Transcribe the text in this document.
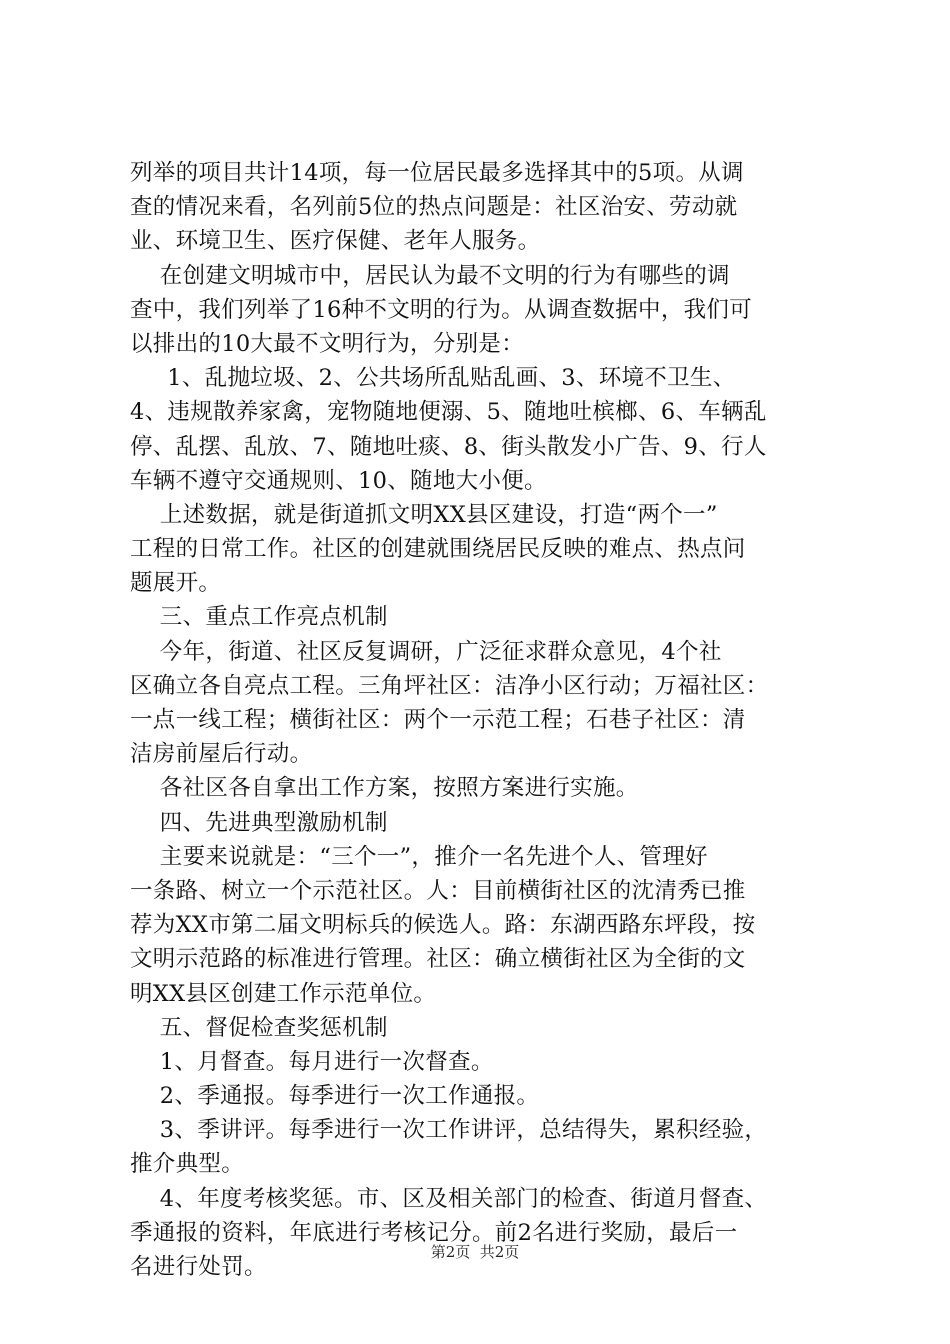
列举的项目共计14项，每一位居民最多选择其中的5项。从调
查的情况来看，名列前5位的热点问题是：社区治安、劳动就
业、环境卫生、医疗保健、老年人服务。
在创建文明城市中，居民认为最不文明的行为有哪些的调
查中，我们列举了16种不文明的行为。从调查数据中，我们可
以排出的10大最不文明行为，分别是：
1、乱抛垃圾、2、公共场所乱贴乱画、3、环境不卫生、
4、违规散养家禽，宠物随地便溺、5、随地吐槟榔、6、车辆乱
停、乱摆、乱放、7、随地吐痰、8、街头散发小广告、9、行人
车辆不遵守交通规则、10、随地大小便。
上述数据，就是街道抓文明XX县区建设，打造“两个一”
工程的日常工作。社区的创建就围绕居民反映的难点、热点问
题展开。
三、重点工作亮点机制
今年，街道、社区反复调研，广泛征求群众意见，4个社
区确立各自亮点工程。三角坪社区：洁净小区行动；万福社区：
一点一线工程；横街社区：两个一示范工程；石巷子社区：清
洁房前屋后行动。
各社区各自拿出工作方案，按照方案进行实施。
四、先进典型激励机制
主要来说就是：“三个一”，推介一名先进个人、管理好
一条路、树立一个示范社区。人：目前横街社区的沈清秀已推
荐为XX市第二届文明标兵的候选人。路：东湖西路东坪段，按
文明示范路的标准进行管理。社区：确立横街社区为全街的文
明XX县区创建工作示范单位。
五、督促检查奖惩机制
1、月督查。每月进行一次督查。
2、季通报。每季进行一次工作通报。
3、季讲评。每季进行一次工作讲评，总结得失，累积经验，
推介典型。
4、年度考核奖惩。市、区及相关部门的检查、街道月督查、
季通报的资料，年底进行考核记分。前2名进行奖励，最后一
名进行处罚。
第2页  共2页
